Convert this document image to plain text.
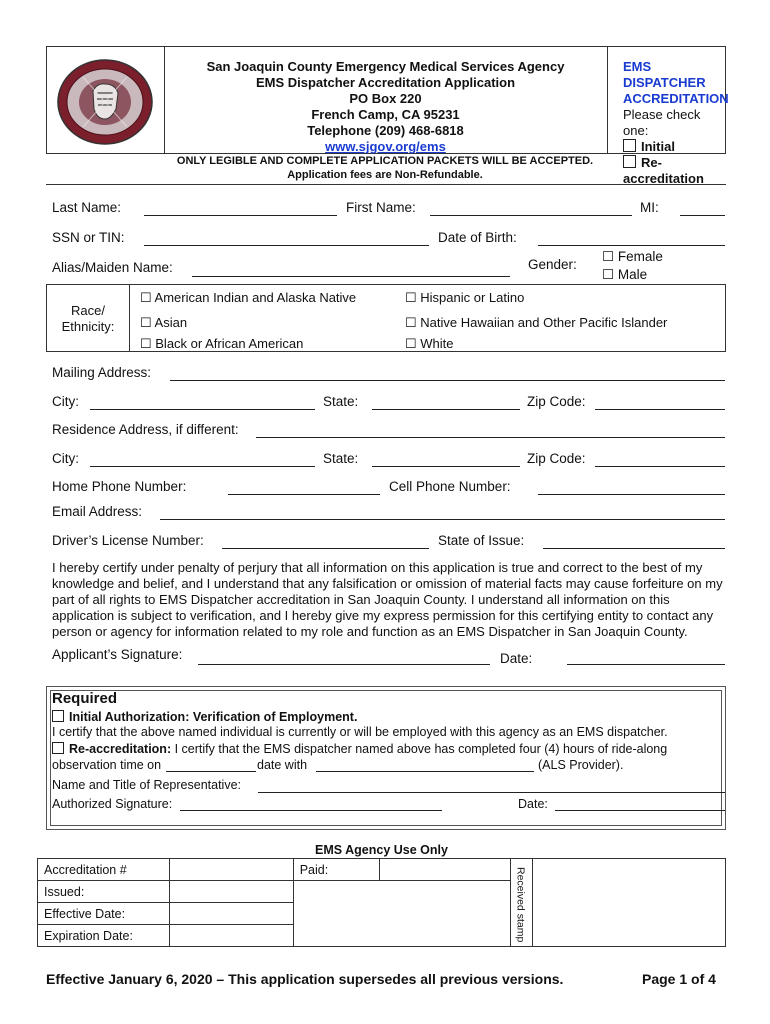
San Joaquin County Emergency Medical Services Agency
EMS Dispatcher Accreditation Application
PO Box 220
French Camp, CA 95231
Telephone (209) 468-6818
www.sjgov.org/ems
EMS DISPATCHER
ACCREDITATION
Please check one:
Initial
Re-accreditation
ONLY LEGIBLE AND COMPLETE APPLICATION PACKETS WILL BE ACCEPTED.
Application fees are Non-Refundable.
Last Name:	First Name:	MI:
SSN or TIN:	Date of Birth:
Alias/Maiden Name:	Gender:
☐ Female
☐ Male
Race/
Ethnicity:
☐ American Indian and Alaska Native	☐ Hispanic or Latino
☐ Asian	☐ Native Hawaiian and Other Pacific Islander
☐ Black or African American	☐ White
Mailing Address:
City:	State:	Zip Code:
Residence Address, if different:
City:	State:	Zip Code:
Home Phone Number:	Cell Phone Number:
Email Address:
Driver’s License Number:	State of Issue:
I hereby certify under penalty of perjury that all information on this application is true and correct to the best of my knowledge and belief, and I understand that any falsification or omission of material facts may cause forfeiture on my part of all rights to EMS Dispatcher accreditation in San Joaquin County. I understand all information on this application is subject to verification, and I hereby give my express permission for this certifying entity to contact any person or agency for information related to my role and function as an EMS Dispatcher in San Joaquin County.
Applicant’s Signature:	Date:
Required
Initial Authorization: Verification of Employment.
I certify that the above named individual is currently or will be employed with this agency as an EMS dispatcher.
Re-accreditation: I certify that the EMS dispatcher named above has completed four (4) hours of ride-along
observation time on	date with	(ALS Provider).
Name and Title of Representative:
Authorized Signature:	Date:
EMS Agency Use Only
Accreditation #		Paid:		Received stamp	

Issued:					
Effective Date:					
Expiration Date:					
Effective January 6, 2020 – This application supersedes all previous versions.	Page 1 of 4
